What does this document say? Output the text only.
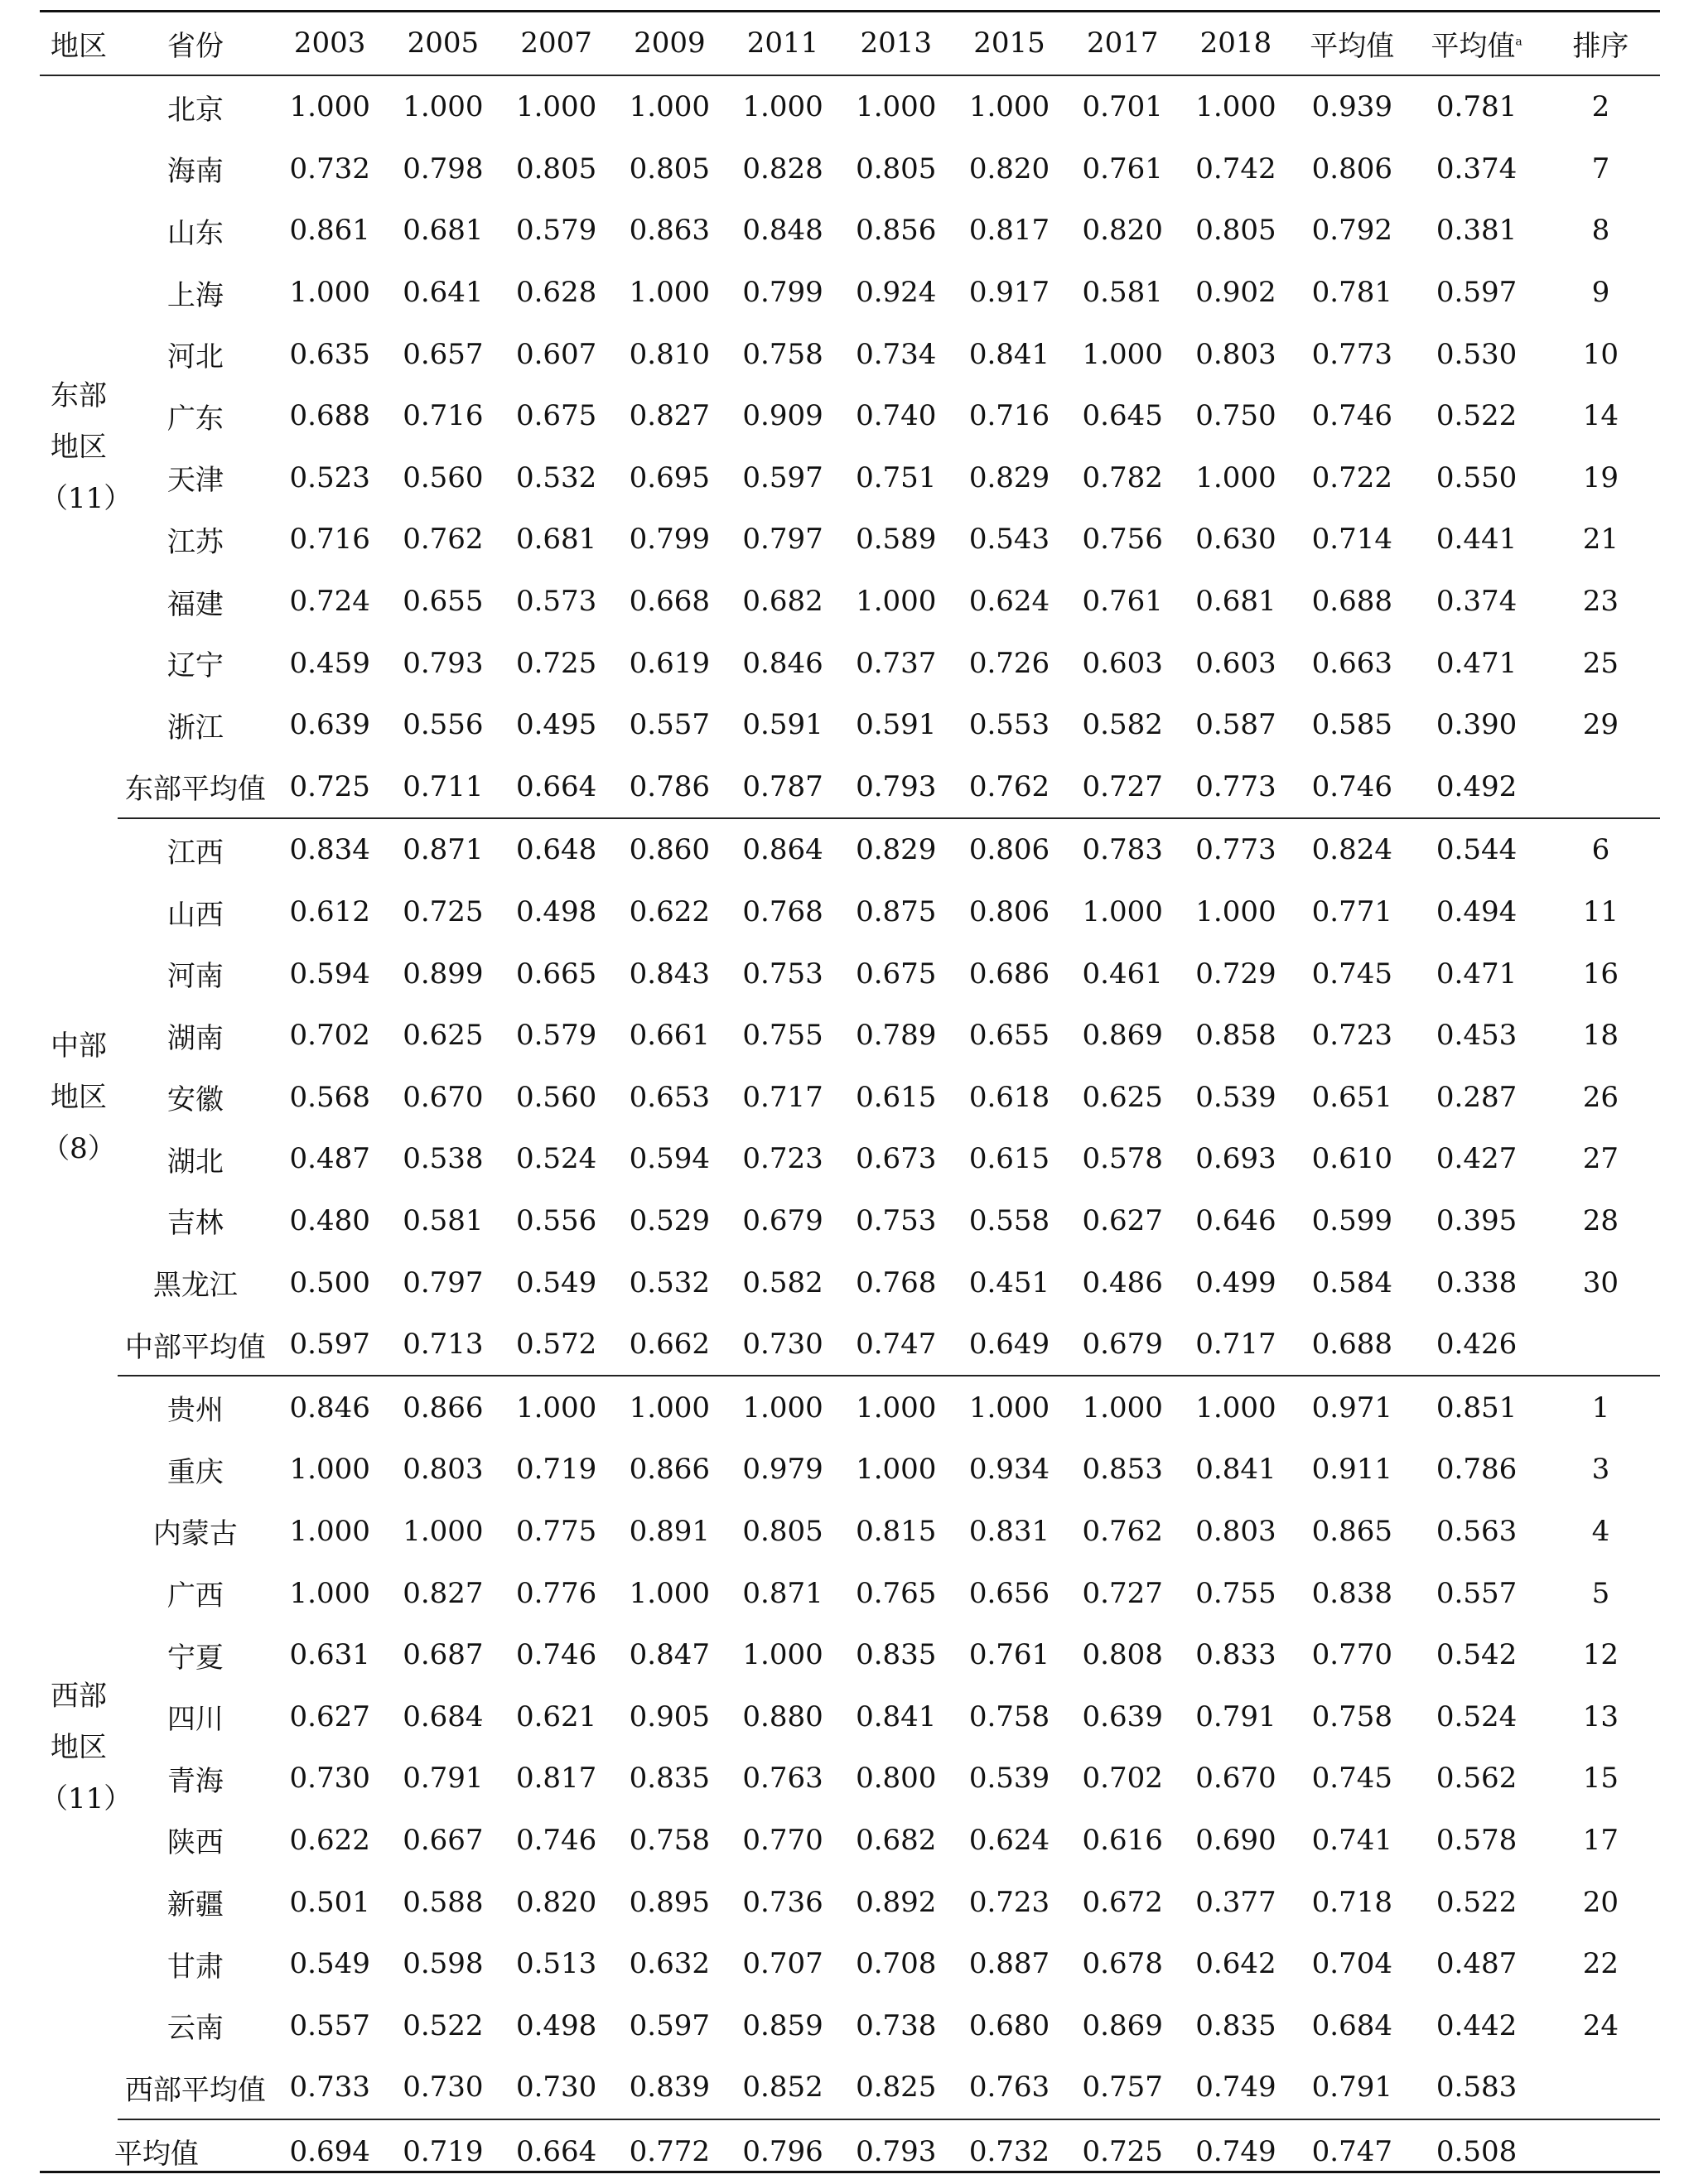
地区	省份	2003	2005	2007	2009	2011	2013	2015	2017	2018	平均值	平均值$^a$	排序

东部
地区
（11）	北京	1.000	1.000	1.000	1.000	1.000	1.000	1.000	0.701	1.000	0.939	0.781	2
	海南	0.732	0.798	0.805	0.805	0.828	0.805	0.820	0.761	0.742	0.806	0.374	7
	山东	0.861	0.681	0.579	0.863	0.848	0.856	0.817	0.820	0.805	0.792	0.381	8
	上海	1.000	0.641	0.628	1.000	0.799	0.924	0.917	0.581	0.902	0.781	0.597	9
	河北	0.635	0.657	0.607	0.810	0.758	0.734	0.841	1.000	0.803	0.773	0.530	10
	广东	0.688	0.716	0.675	0.827	0.909	0.740	0.716	0.645	0.750	0.746	0.522	14
	天津	0.523	0.560	0.532	0.695	0.597	0.751	0.829	0.782	1.000	0.722	0.550	19
	江苏	0.716	0.762	0.681	0.799	0.797	0.589	0.543	0.756	0.630	0.714	0.441	21
	福建	0.724	0.655	0.573	0.668	0.682	1.000	0.624	0.761	0.681	0.688	0.374	23
	辽宁	0.459	0.793	0.725	0.619	0.846	0.737	0.726	0.603	0.603	0.663	0.471	25
	浙江	0.639	0.556	0.495	0.557	0.591	0.591	0.553	0.582	0.587	0.585	0.390	29
	东部平均值	0.725	0.711	0.664	0.786	0.787	0.793	0.762	0.727	0.773	0.746	0.492	

中部
地区
（8）	江西	0.834	0.871	0.648	0.860	0.864	0.829	0.806	0.783	0.773	0.824	0.544	6
	山西	0.612	0.725	0.498	0.622	0.768	0.875	0.806	1.000	1.000	0.771	0.494	11
	河南	0.594	0.899	0.665	0.843	0.753	0.675	0.686	0.461	0.729	0.745	0.471	16
	湖南	0.702	0.625	0.579	0.661	0.755	0.789	0.655	0.869	0.858	0.723	0.453	18
	安徽	0.568	0.670	0.560	0.653	0.717	0.615	0.618	0.625	0.539	0.651	0.287	26
	湖北	0.487	0.538	0.524	0.594	0.723	0.673	0.615	0.578	0.693	0.610	0.427	27
	吉林	0.480	0.581	0.556	0.529	0.679	0.753	0.558	0.627	0.646	0.599	0.395	28
	黑龙江	0.500	0.797	0.549	0.532	0.582	0.768	0.451	0.486	0.499	0.584	0.338	30
	中部平均值	0.597	0.713	0.572	0.662	0.730	0.747	0.649	0.679	0.717	0.688	0.426	

西部
地区
（11）	贵州	0.846	0.866	1.000	1.000	1.000	1.000	1.000	1.000	1.000	0.971	0.851	1
	重庆	1.000	0.803	0.719	0.866	0.979	1.000	0.934	0.853	0.841	0.911	0.786	3
	内蒙古	1.000	1.000	0.775	0.891	0.805	0.815	0.831	0.762	0.803	0.865	0.563	4
	广西	1.000	0.827	0.776	1.000	0.871	0.765	0.656	0.727	0.755	0.838	0.557	5
	宁夏	0.631	0.687	0.746	0.847	1.000	0.835	0.761	0.808	0.833	0.770	0.542	12
	四川	0.627	0.684	0.621	0.905	0.880	0.841	0.758	0.639	0.791	0.758	0.524	13
	青海	0.730	0.791	0.817	0.835	0.763	0.800	0.539	0.702	0.670	0.745	0.562	15
	陕西	0.622	0.667	0.746	0.758	0.770	0.682	0.624	0.616	0.690	0.741	0.578	17
	新疆	0.501	0.588	0.820	0.895	0.736	0.892	0.723	0.672	0.377	0.718	0.522	20
	甘肃	0.549	0.598	0.513	0.632	0.707	0.708	0.887	0.678	0.642	0.704	0.487	22
	云南	0.557	0.522	0.498	0.597	0.859	0.738	0.680	0.869	0.835	0.684	0.442	24
	西部平均值	0.733	0.730	0.730	0.839	0.852	0.825	0.763	0.757	0.749	0.791	0.583	
平均值		0.694	0.719	0.664	0.772	0.796	0.793	0.732	0.725	0.749	0.747	0.508	
